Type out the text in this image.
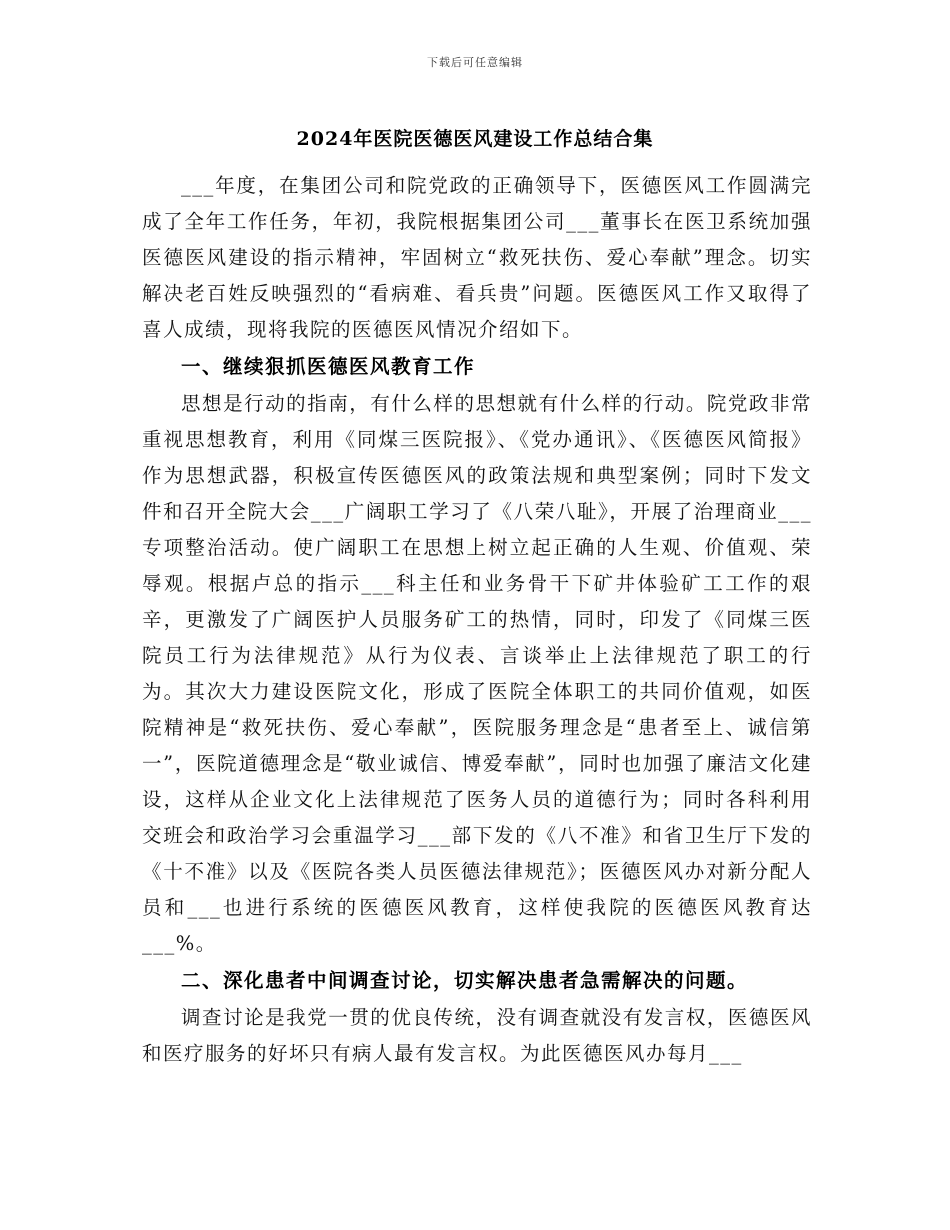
下载后可任意编辑
2024年医院医德医风建设工作总结合集

___年度，在集团公司和院党政的正确领导下，医德医风工作圆满完成了全年工作任务，年初，我院根据集团公司___董事长在医卫系统加强医德医风建设的指示精神，牢固树立“救死扶伤、爱心奉献”理念。切实解决老百姓反映强烈的“看病难、看兵贵”问题。医德医风工作又取得了喜人成绩，现将我院的医德医风情况介绍如下。

一、继续狠抓医德医风教育工作

思想是行动的指南，有什么样的思想就有什么样的行动。院党政非常重视思想教育，利用《同煤三医院报》、《党办通讯》、《医德医风简报》作为思想武器，积极宣传医德医风的政策法规和典型案例；同时下发文件和召开全院大会___广阔职工学习了《八荣八耻》，开展了治理商业___专项整治活动。使广阔职工在思想上树立起正确的人生观、价值观、荣辱观。根据卢总的指示___科主任和业务骨干下矿井体验矿工工作的艰辛，更激发了广阔医护人员服务矿工的热情，同时，印发了《同煤三医院员工行为法律规范》从行为仪表、言谈举止上法律规范了职工的行为。其次大力建设医院文化，形成了医院全体职工的共同价值观，如医院精神是“救死扶伤、爱心奉献”，医院服务理念是“患者至上、诚信第一”，医院道德理念是“敬业诚信、博爱奉献”，同时也加强了廉洁文化建设，这样从企业文化上法律规范了医务人员的道德行为；同时各科利用交班会和政治学习会重温学习___部下发的《八不准》和省卫生厅下发的《十不准》以及《医院各类人员医德法律规范》；医德医风办对新分配人员和___也进行系统的医德医风教育，这样使我院的医德医风教育达___%。

二、深化患者中间调查讨论，切实解决患者急需解决的问题。

调查讨论是我党一贯的优良传统，没有调查就没有发言权，医德医风和医疗服务的好坏只有病人最有发言权。为此医德医风办每月___
